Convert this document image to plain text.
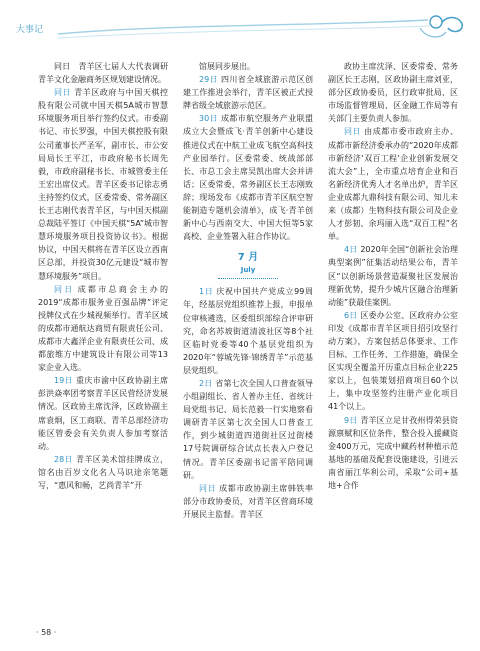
大事记

同日　青羊区七届人大代表调研青羊文化金融商务区规划建设情况。

同日 青羊区政府与中国天棋控股有限公司就中国天棋5A城市智慧环境服务项目举行签约仪式。市委副书记、市长罗强，中国天棋控股有限公司董事长严圣军，副市长、市公安局局长王平江，市政府秘书长周先毅，市政府副秘书长、市城管委主任王宏出席仪式。青羊区委书记徐志勇主持签约仪式，区委常委、常务副区长王志刚代表青羊区，与中国天棋副总裁陆平签订《中国天棋“5A”城市智慧环境服务项目投资协议书》。根据协议，中国天棋将在青羊区设立西南区总部，并投资30亿元建设“城市智慧环境服务”项目。

同日 成都市总商会主办的2019“成都市服务业百强品牌”评定授牌仪式在少城视频举行。青羊区域的成都市通航达商贸有限责任公司、成都市大鑫洋企业有限责任公司、成都旅维方中建筑设计有限公司等13家企业入选。

19日 重庆市渝中区政协副主席彭洪焱率团考察青羊区民营经济发展情况。区政协主席沈泽，区政协副主席袁炯，区工商联、青羊总部经济功能区管委会有关负责人参加考察活动。

28日 青羊区美术馆挂牌成立，馆名由百岁文化名人马识途亲笔题写，“惠风和畅，艺尚青羊”开

馆展同步展出。

29日 四川省全域旅游示范区创建工作推进会举行，青羊区被正式授牌省级全域旅游示范区。

30日 成都市航空服务产业联盟成立大会暨成飞·青羊创新中心建设推进仪式在中航工业成飞航空高科技产业园举行。区委常委、统战部部长、市总工会主席吴凯出席大会并讲话；区委常委、常务副区长王志刚致辞；现场发布《成都市青羊区航空智能制造专题机会清单》，成飞·青羊创新中心与西南交大、中国大恒等5家高校、企业签署入驻合作协议。

7 月
July

1日 庆祝中国共产党成立99周年，经基层党组织推荐上报，申报单位审核遴选，区委组织部综合评审研究，命名苏坡街道清波社区等8个社区临时党委等40个基层党组织为2020年“蓉城先锋·锦绣青羊”示范基层党组织。

2日 省第七次全国人口普查领导小组副组长、省人普办主任、省统计局党组书记、局长范毅一行实地察看调研青羊区第七次全国人口普查工作，到少城街道四道街社区过街楼17号院调研综合试点长表入户登记情况。青羊区委副书记雷平陪同调研。

同日 成都市政协副主席韩铁率部分市政协委员，对青羊区营商环境开展民主监督。青羊区

政协主席沈泽、区委常委、常务副区长王志刚，区政协副主席刘亚，部分区政协委员，区行政审批局、区市场监督管理局、区金融工作局等有关部门主要负责人参加。

同日 由成都市委市政府主办、成都市新经济委承办的“2020年成都市新经济‘双百工程’企业创新发展交流大会”上，全市重点培育企业和百名新经济优秀人才名单出炉，青羊区企业成都九鼎科技有限公司、知儿未来（成都）生物科技有限公司及企业人才彭韧、余玛丽入选“双百工程”名单。

4日 2020年全国“创新社会治理典型案例”征集活动结果公布，青羊区“以创新场景营造凝聚社区发展治理新优势，提升少城片区融合治理新动能”获最佳案例。

6日 区委办公室、区政府办公室印发《成都市青羊区项目招引攻坚行动方案》，方案包括总体要求、工作目标、工作任务、工作措施，确保全区实现全覆盖开历重点目标企业225家以上，包装策划招商项目60个以上，集中攻坚签约注册产业化项目41个以上。

9日 青羊区立足甘孜州得荣县资源禀赋和区位条件，整合投入援藏资金400万元，完成中藏药材种植示范基地的基础及配套设施建设，引进云南省丽江华利公司，采取“公司+基地+合作

· 58 ·
